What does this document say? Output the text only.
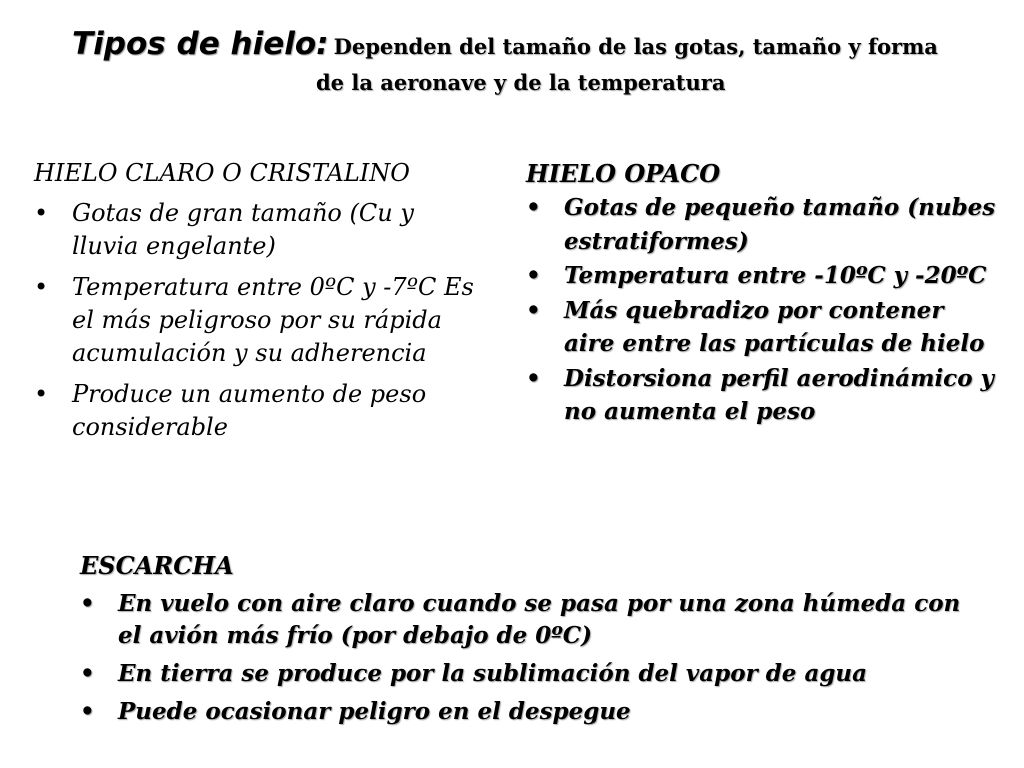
Tipos de hielo: Dependen del tamaño de las gotas, tamaño y forma
de la aeronave y de la temperatura
HIELO CLARO O CRISTALINO
• Gotas de gran tamaño (Cu y lluvia engelante)
• Temperatura entre 0ºC y -7ºC Es el más peligroso por su rápida acumulación y su adherencia
• Produce un aumento de peso considerable
HIELO OPACO
• Gotas de pequeño tamaño (nubes estratiformes)
• Temperatura entre -10ºC y -20ºC
• Más quebradizo por contener aire entre las partículas de hielo
• Distorsiona perfil aerodinámico y no aumenta el peso
ESCARCHA
• En vuelo con aire claro cuando se pasa por una zona húmeda con el avión más frío (por debajo de 0ºC)
• En tierra se produce por la sublimación del vapor de agua
• Puede ocasionar peligro en el despegue
